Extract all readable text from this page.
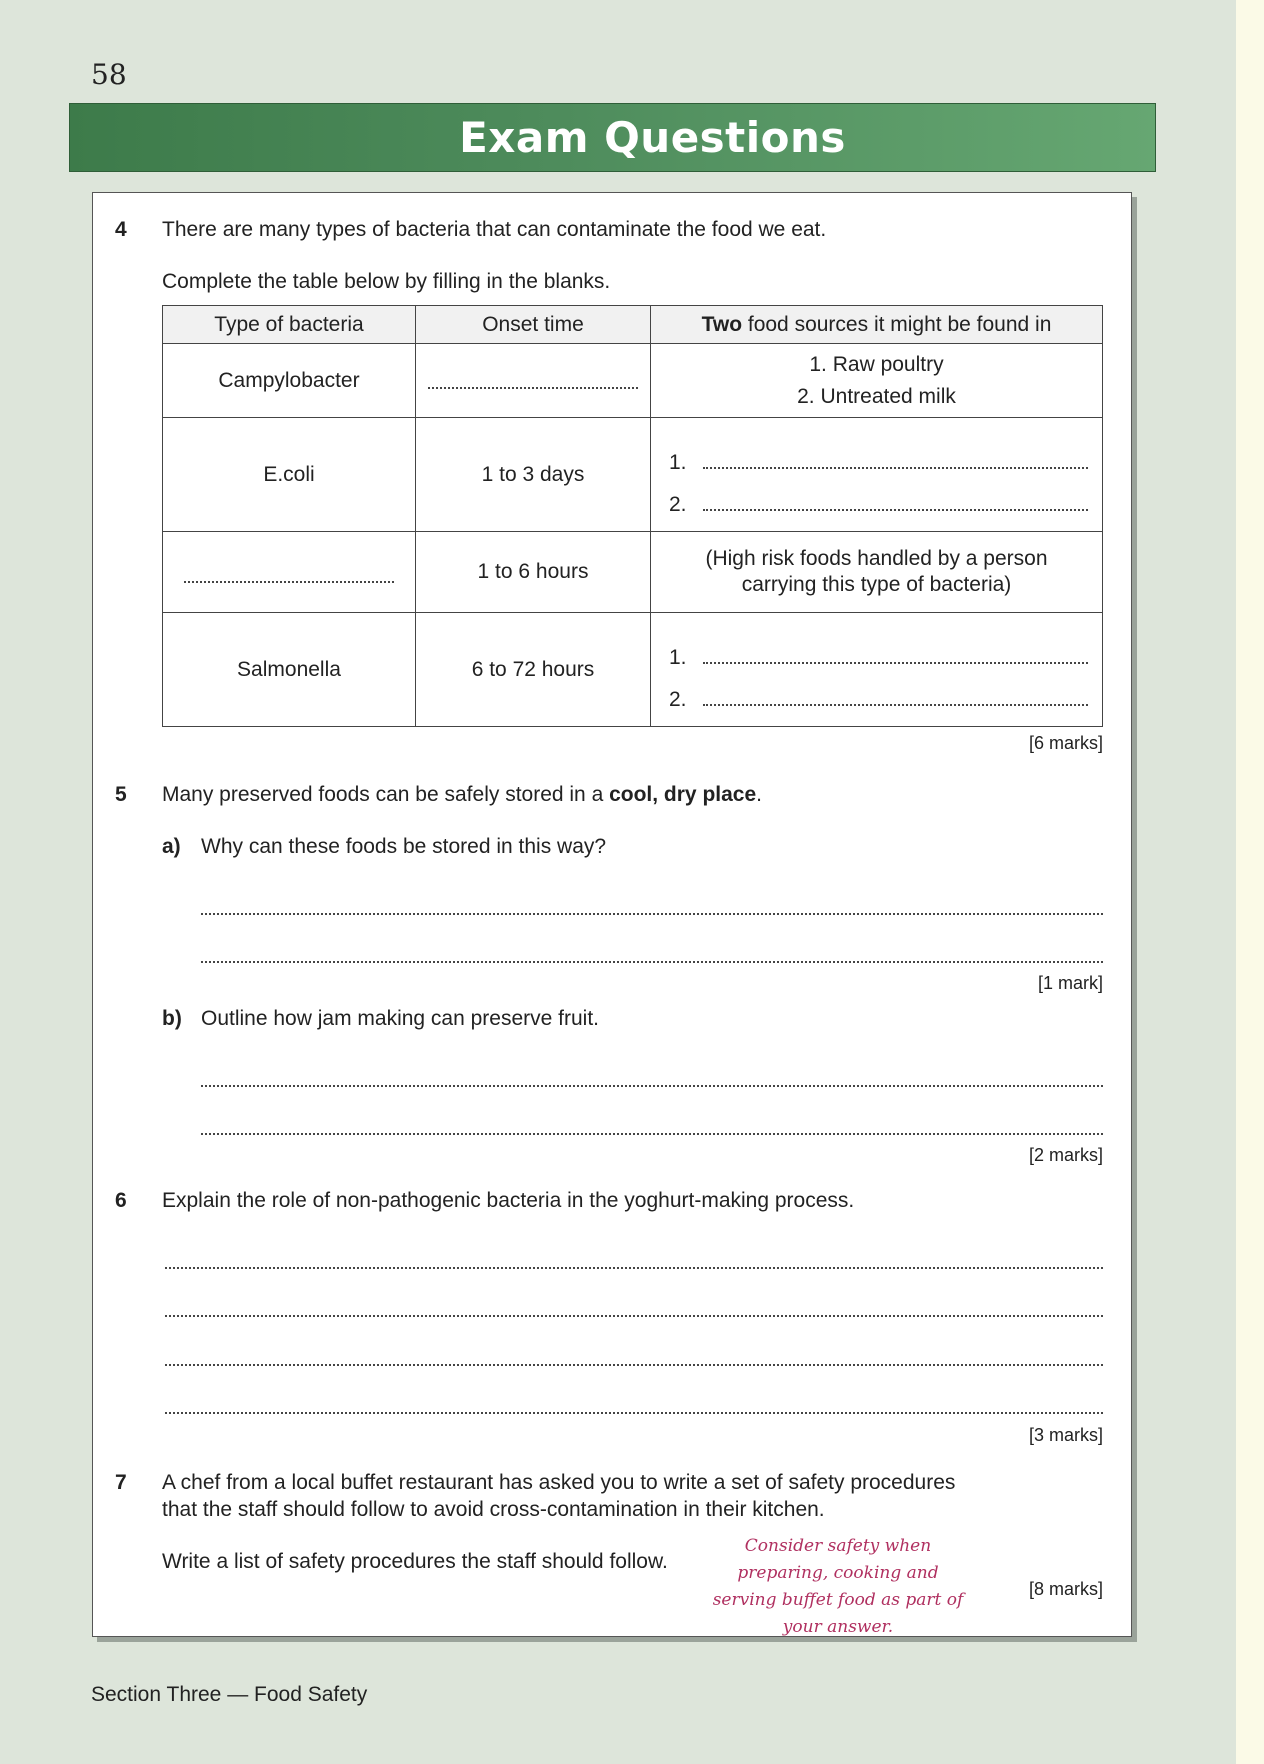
58
Exam Questions
4 There are many types of bacteria that can contaminate the food we eat.
Complete the table below by filling in the blanks.
Type of bacteria	Onset time	Two food sources it might be found in
Campylobacter		1. Raw poultry
2. Untreated milk

E.coli	1 to 3 days	1.
2.

	1 to 6 hours	(High risk foods handled by a person carrying this type of bacteria)
Salmonella	6 to 72 hours	1.
2.
[6 marks]
5 Many preserved foods can be safely stored in a cool, dry place.
a) Why can these foods be stored in this way?
[1 mark]
b) Outline how jam making can preserve fruit.
[2 marks]
6 Explain the role of non-pathogenic bacteria in the yoghurt-making process.
[3 marks]
7 A chef from a local buffet restaurant has asked you to write a set of safety procedures
that the staff should follow to avoid cross-contamination in their kitchen.
Write a list of safety procedures the staff should follow.
Consider safety when preparing, cooking and serving buffet food as part of your answer.
[8 marks]
Section Three — Food Safety
